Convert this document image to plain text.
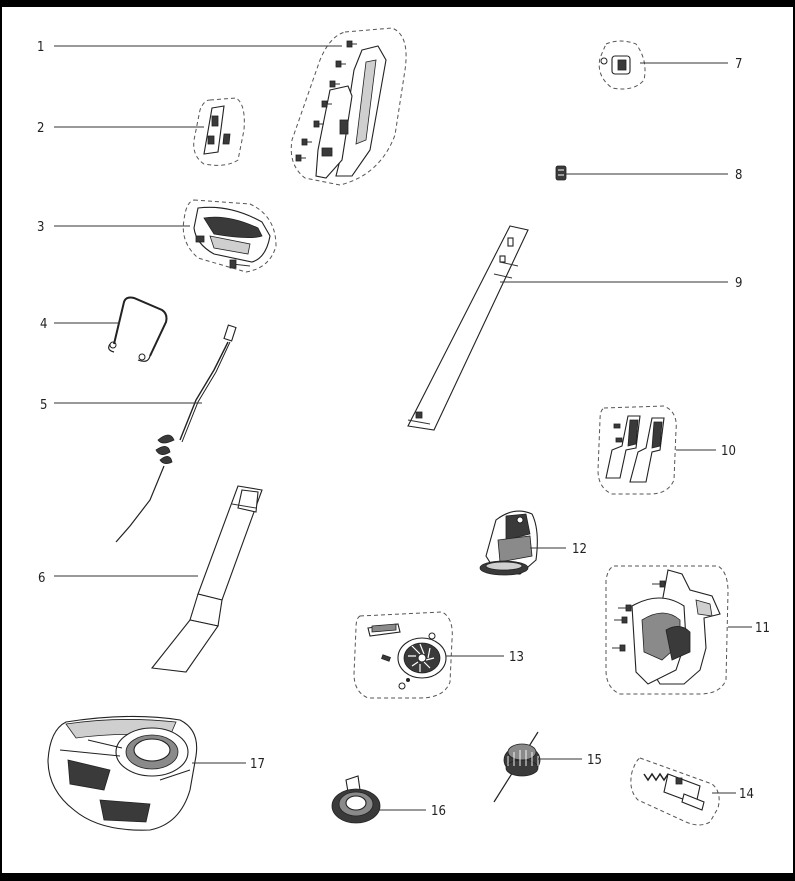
1
2
3
4
5
6
7
8
9
10
12
11
13
17
16
15
14
